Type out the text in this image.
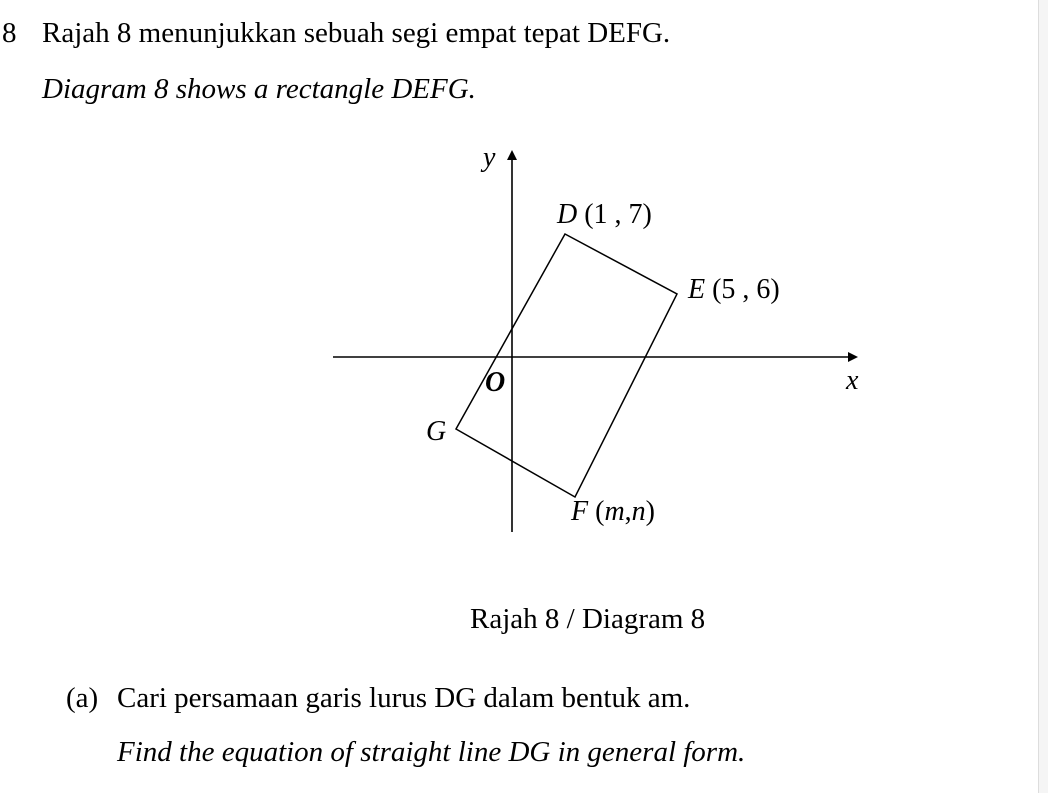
8 Rajah 8 menunjukkan sebuah segi empat tepat DEFG.

Diagram 8 shows a rectangle DEFG.

y
x
O
D (1 , 7)
E (5 , 6)
G
F (m,n)

Rajah 8 / Diagram 8

(a) Cari persamaan garis lurus DG dalam bentuk am.

Find the equation of straight line DG in general form.
